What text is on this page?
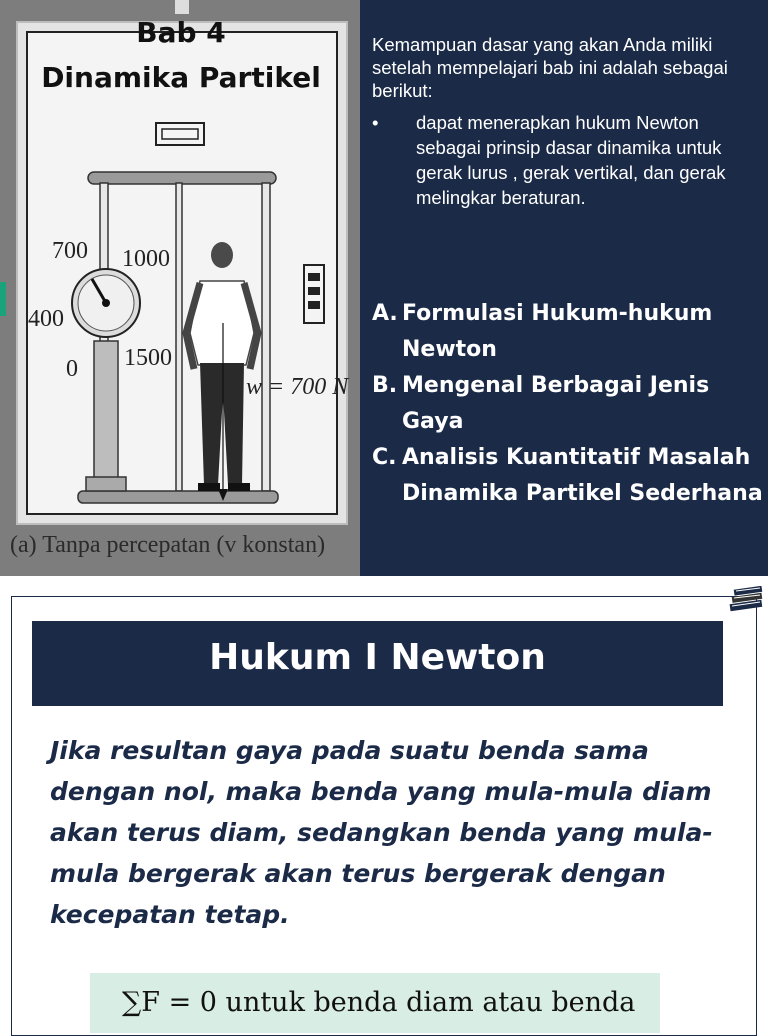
700 1000
400
0 1500
w = 700 N
Bab 4
Dinamika Partikel
(a) Tanpa percepatan (v konstan)
Kemampuan dasar yang akan Anda miliki setelah mempelajari bab ini adalah sebagai berikut:
• dapat menerapkan hukum Newton sebagai prinsip dasar dinamika untuk gerak lurus , gerak vertikal, dan gerak melingkar beraturan.
A. Formulasi Hukum-hukum Newton
B. Mengenal Berbagai Jenis Gaya
C. Analisis Kuantitatif Masalah Dinamika Partikel Sederhana
Hukum I Newton
Jika resultan gaya pada suatu benda sama dengan nol, maka benda yang mula-mula diam akan terus diam, sedangkan benda yang mula-mula bergerak akan terus bergerak dengan kecepatan tetap.
∑F = 0 untuk benda diam atau benda
